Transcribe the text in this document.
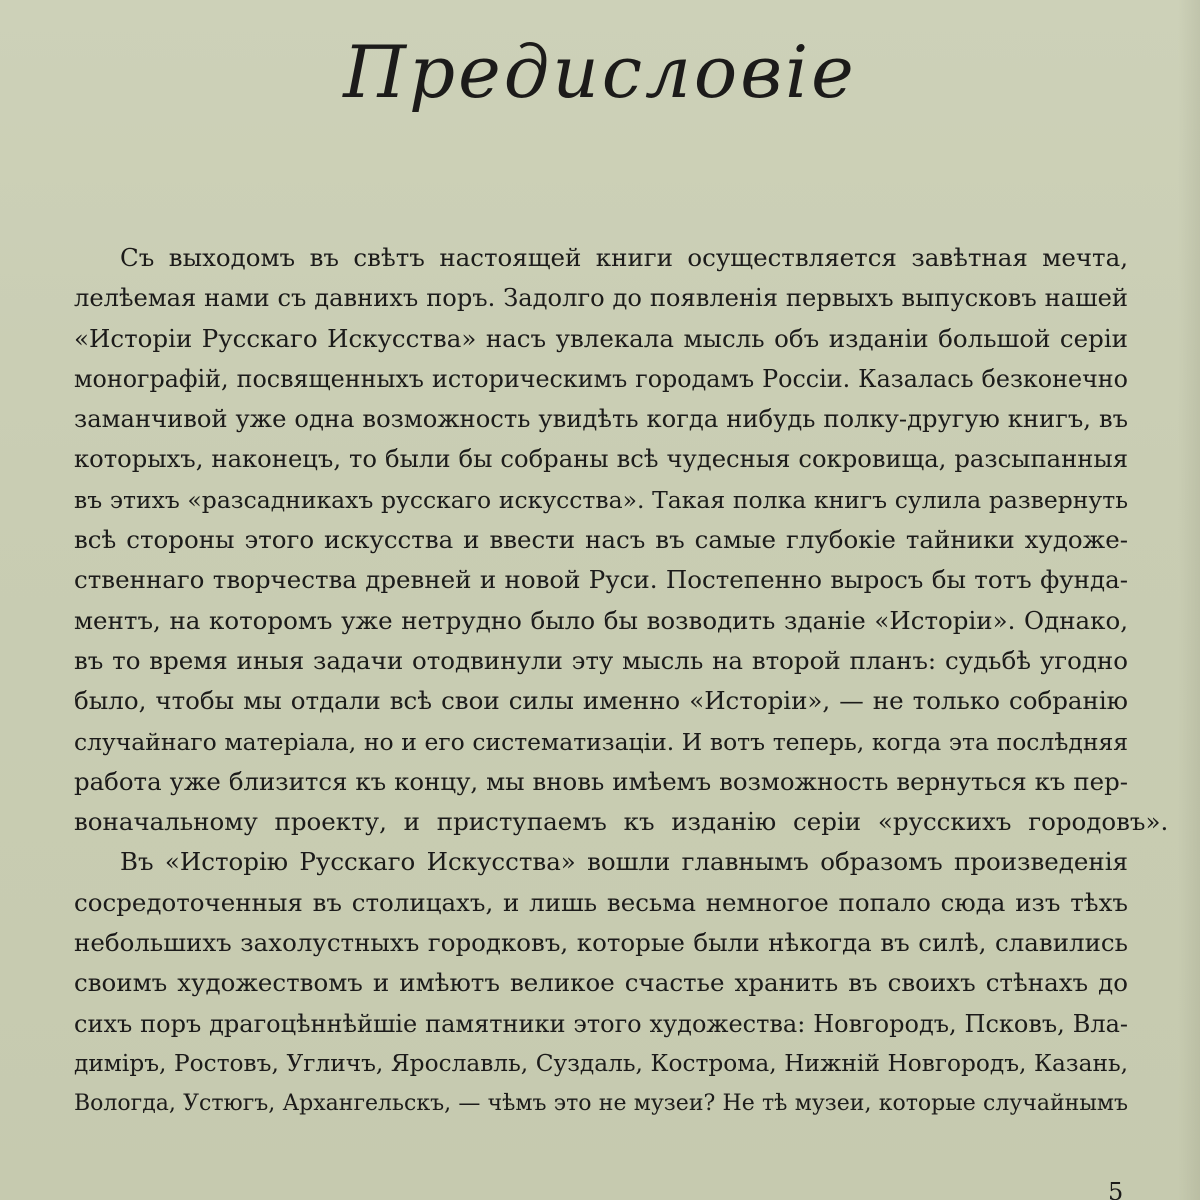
Предисловіе
Съ выходомъ въ свѣтъ настоящей книги осуществляется завѣтная мечта,
лелѣемая нами съ давнихъ поръ. Задолго до появленія первыхъ выпусковъ нашей
«Исторіи Русскаго Искусства» насъ увлекала мысль объ изданіи большой серіи
монографій, посвященныхъ историческимъ городамъ Россіи. Казалась безконечно
заманчивой уже одна возможность увидѣть когда нибудь полку-другую книгъ, въ
которыхъ, наконецъ, то были бы собраны всѣ чудесныя сокровища, разсыпанныя
въ этихъ «разсадникахъ русскаго искусства». Такая полка книгъ сулила развернуть
всѣ стороны этого искусства и ввести насъ въ самые глубокіе тайники художе-
ственнаго творчества древней и новой Руси. Постепенно выросъ бы тотъ фунда-
ментъ, на которомъ уже нетрудно было бы возводить зданіе «Исторіи». Однако,
въ то время иныя задачи отодвинули эту мысль на второй планъ: судьбѣ угодно
было, чтобы мы отдали всѣ свои силы именно «Исторіи», — не только собранію
случайнаго матеріала, но и его систематизаціи. И вотъ теперь, когда эта послѣдняя
работа уже близится къ концу, мы вновь имѣемъ возможность вернуться къ пер-
воначальному проекту, и приступаемъ къ изданію серіи «русскихъ городовъ».
Въ «Исторію Русскаго Искусства» вошли главнымъ образомъ произведенія
сосредоточенныя въ столицахъ, и лишь весьма немногое попало сюда изъ тѣхъ
небольшихъ захолустныхъ городковъ, которые были нѣкогда въ силѣ, славились
своимъ художествомъ и имѣютъ великое счастье хранить въ своихъ стѣнахъ до
сихъ поръ драгоцѣннѣйшіе памятники этого художества: Новгородъ, Псковъ, Вла-
диміръ, Ростовъ, Угличъ, Ярославль, Суздаль, Кострома, Нижній Новгородъ, Казань,
Вологда, Устюгъ, Архангельскъ, — чѣмъ это не музеи? Не тѣ музеи, которые случайнымъ
5
